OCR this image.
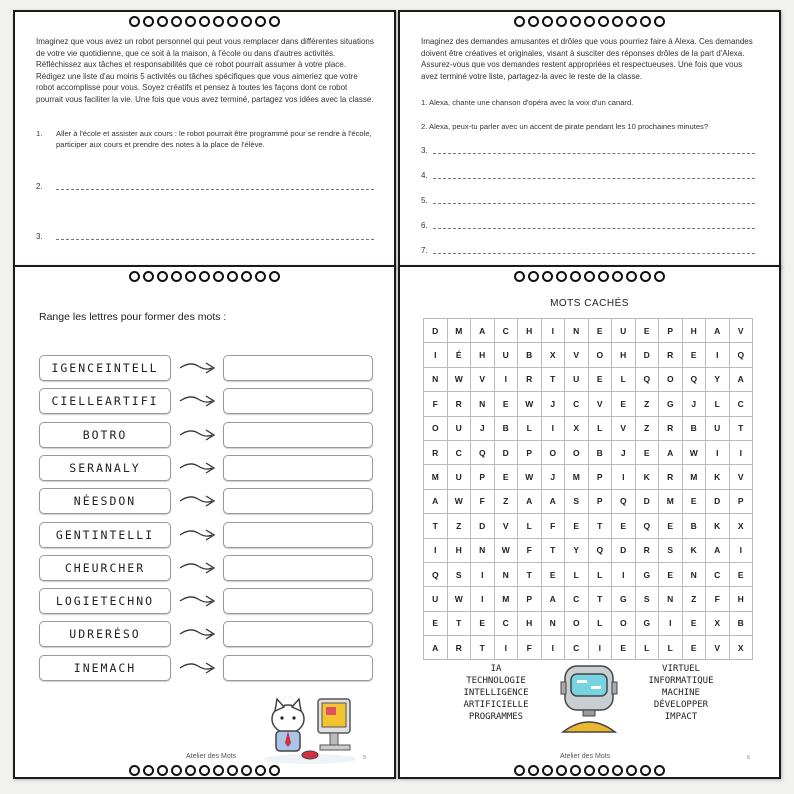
Imaginez que vous avez un robot personnel qui peut vous remplacer dans différentes situations de votre vie quotidienne, que ce soit à la maison, à l'école ou dans d'autres activités. Réfléchissez aux tâches et responsabilités que ce robot pourrait assumer à votre place. Rédigez une liste d'au moins 5 activités ou tâches spécifiques que vous aimeriez que votre robot accomplisse pour vous. Soyez créatifs et pensez à toutes les façons dont ce robot pourrait vous faciliter la vie. Une fois que vous avez terminé, partagez vos idées avec la classe.
1.	Aller à l'école et assister aux cours : le robot pourrait être programmé pour se rendre à l'école, participer aux cours et prendre des notes à la place de l'élève.
2.
3.
Imaginez des demandes amusantes et drôles que vous pourriez faire à Alexa. Ces demandes doivent être créatives et originales, visant à susciter des réponses drôles de la part d'Alexa. Assurez-vous que vos demandes restent appropriées et respectueuses. Une fois que vous avez terminé votre liste, partagez-la avec le reste de la classe.
1. Alexa, chante une chanson d'opéra avec la voix d'un canard.
2. Alexa, peux-tu parler avec un accent de pirate pendant les 10 prochaines minutes?
3.
4.
5.
6.
7.
Range les lettres pour former des mots :
IGENCEINTELL
CIELLEARTIFI
BOTRO
SERANALY
NÉESDON
GENTINTELLI
CHEURCHER
LOGIETECHNO
UDRERÉSO
INEMACH
Atelier des Mots	5
MOTS CACHÉS
D	M	A	C	H	I	N	E	U	E	P	H	A	V
I	É	H	U	B	X	V	O	H	D	R	E	I	Q
N	W	V	I	R	T	U	E	L	Q	O	Q	Y	A
F	R	N	E	W	J	C	V	E	Z	G	J	L	C
O	U	J	B	L	I	X	L	V	Z	R	B	U	T
R	C	Q	D	P	O	O	B	J	E	A	W	I	I
M	U	P	E	W	J	M	P	I	K	R	M	K	V
A	W	F	Z	A	A	S	P	Q	D	M	E	D	P
T	Z	D	V	L	F	E	T	E	Q	E	B	K	X
I	H	N	W	F	T	Y	Q	D	R	S	K	A	I
Q	S	I	N	T	E	L	L	I	G	E	N	C	E
U	W	I	M	P	A	C	T	G	S	N	Z	F	H
E	T	E	C	H	N	O	L	O	G	I	E	X	B
A	R	T	I	F	I	C	I	E	L	L	E	V	X
IA
TECHNOLOGIE
INTELLIGENCE
ARTIFICIELLE
PROGRAMMES
VIRTUEL
INFORMATIQUE
MACHINE
DÉVELOPPER
IMPACT
Atelier des Mots	6
